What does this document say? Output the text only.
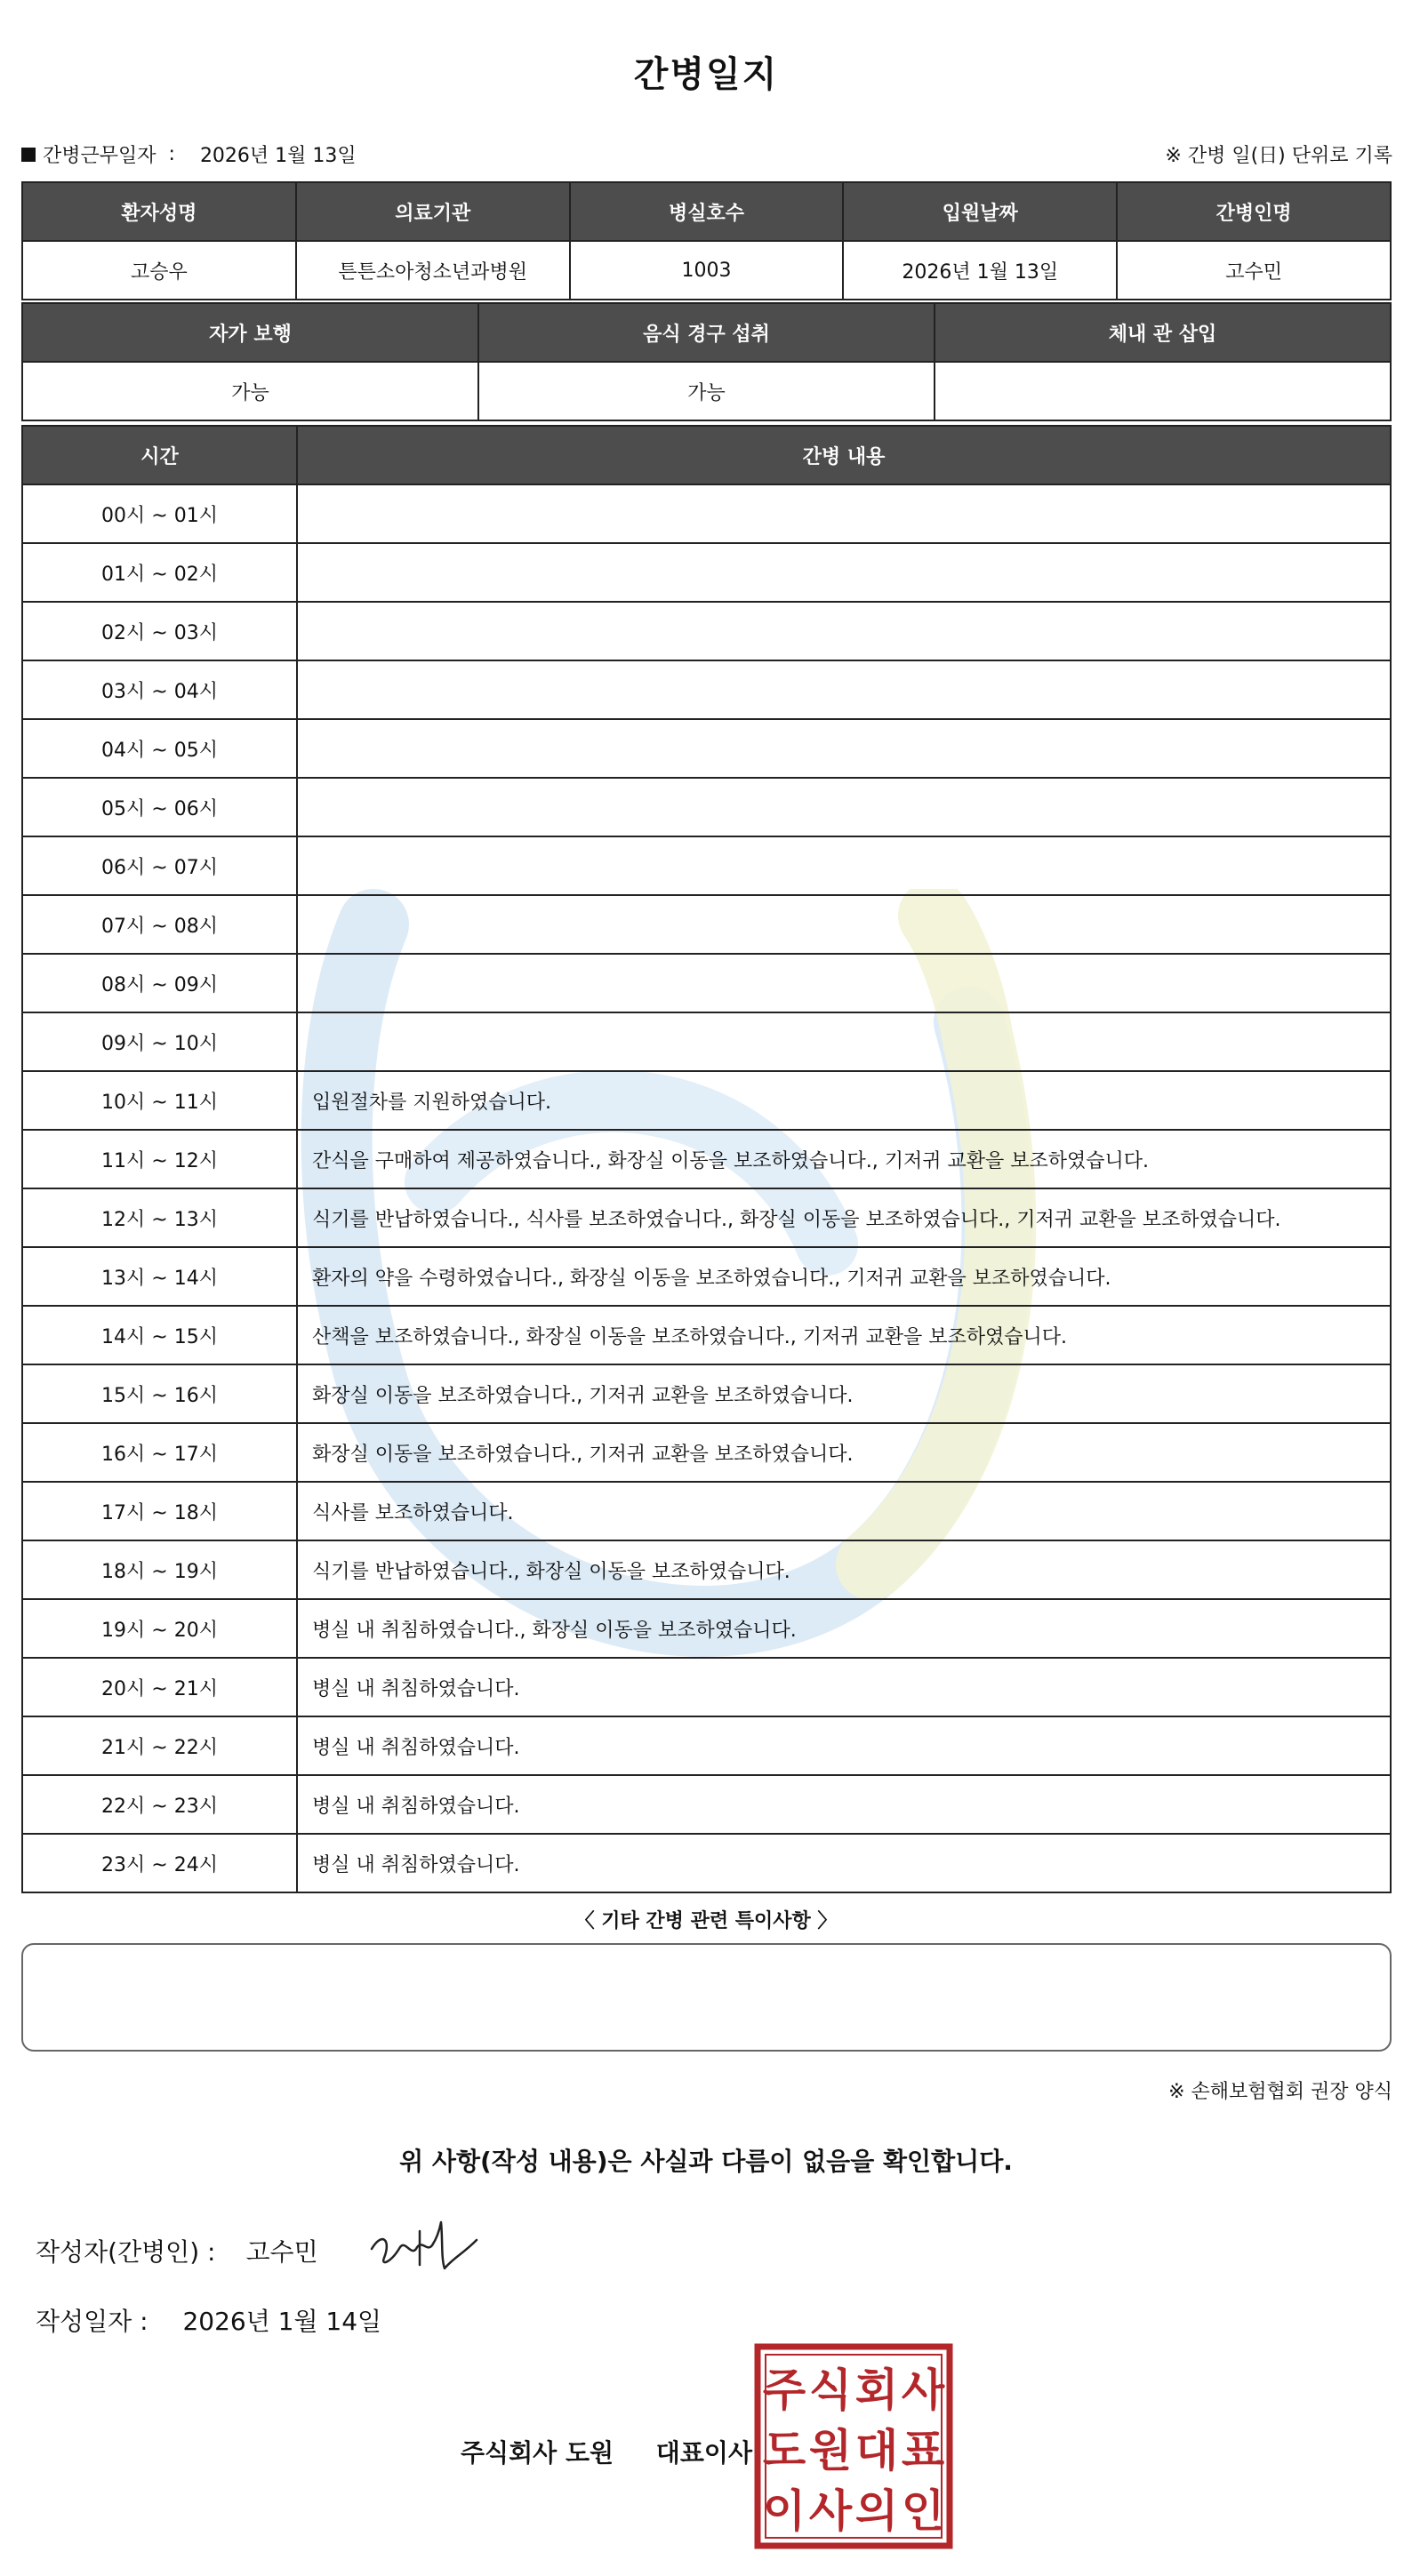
간병일지
간병근무일자 : 2026년 1월 13일	※ 간병 일(日) 단위로 기록
환자성명	의료기관	병실호수	입원날짜	간병인명
고승우	튼튼소아청소년과병원	1003	2026년 1월 13일	고수민
자가 보행	음식 경구 섭취	체내 관 삽입
가능	가능	
시간	간병 내용
00시 ~ 01시	
01시 ~ 02시	
02시 ~ 03시	
03시 ~ 04시	
04시 ~ 05시	
05시 ~ 06시	
06시 ~ 07시	
07시 ~ 08시	
08시 ~ 09시	
09시 ~ 10시	
10시 ~ 11시	입원절차를 지원하였습니다.
11시 ~ 12시	간식을 구매하여 제공하였습니다., 화장실 이동을 보조하였습니다., 기저귀 교환을 보조하였습니다.
12시 ~ 13시	식기를 반납하였습니다., 식사를 보조하였습니다., 화장실 이동을 보조하였습니다., 기저귀 교환을 보조하였습니다.
13시 ~ 14시	환자의 약을 수령하였습니다., 화장실 이동을 보조하였습니다., 기저귀 교환을 보조하였습니다.
14시 ~ 15시	산책을 보조하였습니다., 화장실 이동을 보조하였습니다., 기저귀 교환을 보조하였습니다.
15시 ~ 16시	화장실 이동을 보조하였습니다., 기저귀 교환을 보조하였습니다.
16시 ~ 17시	화장실 이동을 보조하였습니다., 기저귀 교환을 보조하였습니다.
17시 ~ 18시	식사를 보조하였습니다.
18시 ~ 19시	식기를 반납하였습니다., 화장실 이동을 보조하였습니다.
19시 ~ 20시	병실 내 취침하였습니다., 화장실 이동을 보조하였습니다.
20시 ~ 21시	병실 내 취침하였습니다.
21시 ~ 22시	병실 내 취침하였습니다.
22시 ~ 23시	병실 내 취침하였습니다.
23시 ~ 24시	병실 내 취침하였습니다.
〈 기타 간병 관련 특이사항 〉
※ 손해보험협회 권장 양식
위 사항(작성 내용)은 사실과 다름이 없음을 확인합니다.
작성자(간병인) : 고수민
작성일자 : 2026년 1월 14일
주식회사 도원 대표이사
주 식 회 사
도 원 대 표
이 사 의 인
